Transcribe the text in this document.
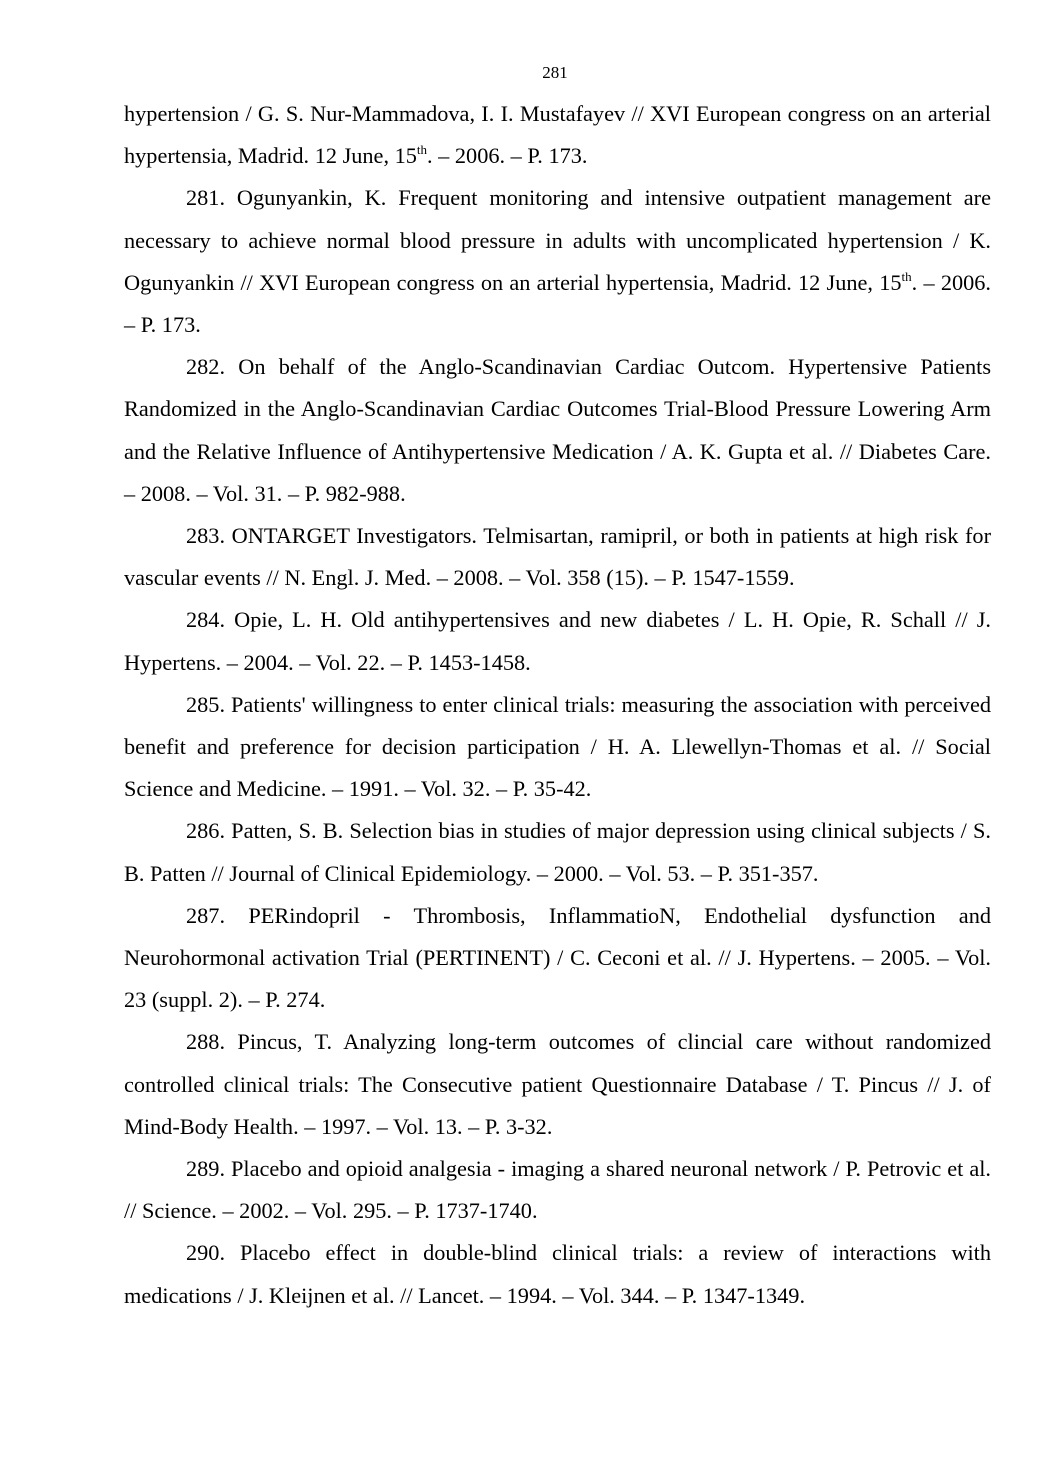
281

hypertension / G. S. Nur-Mammadova, I. I. Mustafayev // XVI European congress on an arterial hypertensia, Madrid. 12 June, 15th. – 2006. – P. 173.

281. Ogunyankin, K. Frequent monitoring and intensive outpatient management are necessary to achieve normal blood pressure in adults with uncomplicated hypertension / K. Ogunyankin // XVI European congress on an arterial hypertensia, Madrid. 12 June, 15th. – 2006. – P. 173.

282. On behalf of the Anglo-Scandinavian Cardiac Outcom. Hypertensive Patients Randomized in the Anglo-Scandinavian Cardiac Outcomes Trial-Blood Pressure Lowering Arm and the Relative Influence of Antihypertensive Medication / A. K. Gupta et al. // Diabetes Care. – 2008. – Vol. 31. – P. 982-988.

283. ONTARGET Investigators. Telmisartan, ramipril, or both in patients at high risk for vascular events // N. Engl. J. Med. – 2008. – Vol. 358 (15). – P. 1547-1559.

284. Opie, L. H. Old antihypertensives and new diabetes / L. H. Opie, R. Schall // J. Hypertens. – 2004. – Vol. 22. – P. 1453-1458.

285. Patients' willingness to enter clinical trials: measuring the association with perceived benefit and preference for decision participation / H. A. Llewellyn-Thomas et al. // Social Science and Medicine. – 1991. – Vol. 32. – P. 35-42.

286. Patten, S. B. Selection bias in studies of major depression using clinical subjects / S. B. Patten // Journal of Clinical Epidemiology. – 2000. – Vol. 53. – P. 351-357.

287. PERindopril - Thrombosis, InflammatioN, Endothelial dysfunction and Neurohormonal activation Trial (PERTINENT) / C. Ceconi et al. // J. Hypertens. – 2005. – Vol. 23 (suppl. 2). – P. 274.

288. Pincus, T. Analyzing long-term outcomes of clincial care without randomized controlled clinical trials: The Consecutive patient Questionnaire Database / T. Pincus // J. of Mind-Body Health. – 1997. – Vol. 13. – P. 3-32.

289. Placebo and opioid analgesia - imaging a shared neuronal network / P. Petrovic et al. // Science. – 2002. – Vol. 295. – P. 1737-1740.

290. Placebo effect in double-blind clinical trials: a review of interactions with medications / J. Kleijnen et al. // Lancet. – 1994. – Vol. 344. – P. 1347-1349.
